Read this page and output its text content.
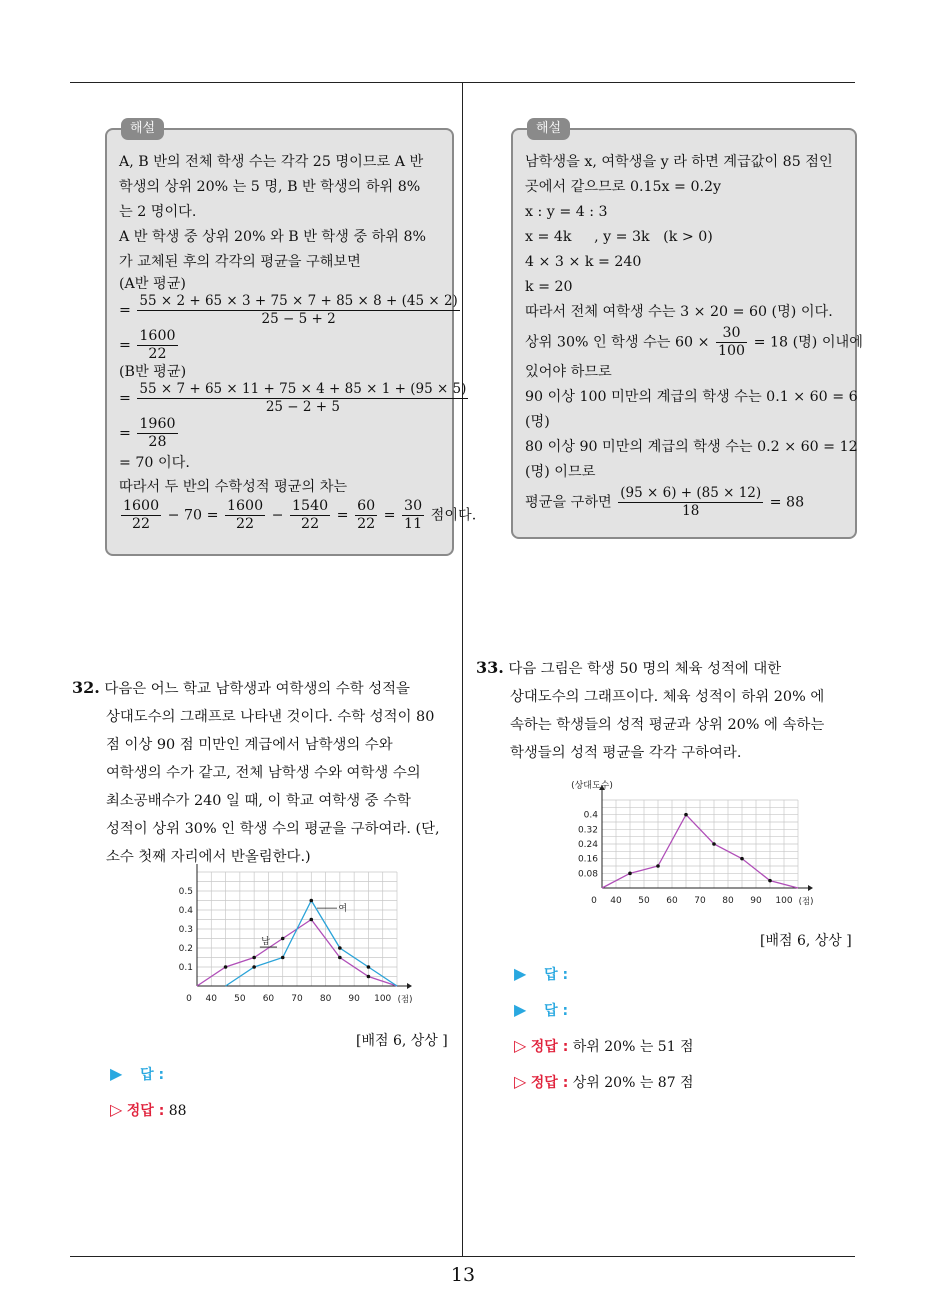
13
해설
A, B 반의 전체 학생 수는 각각 25 명이므로 A 반
학생의 상위 20% 는 5 명, B 반 학생의 하위 8%
는 2 명이다.
A 반 학생 중 상위 20% 와 B 반 학생 중 하위 8%
가 교체된 후의 각각의 평균을 구해보면
(A반 평균)
= $\frac{55 \times 2 + 65 \times 3 + 75 \times 7 + 85 \times 8 + (45 \times 2)}{25 - 5 + 2}$
= $\frac{1600}{22}$
(B반 평균)
= $\frac{55 \times 7 + 65 \times 11 + 75 \times 4 + 85 \times 1 + (95 \times 5)}{25 - 2 + 5}$
= $\frac{1960}{28}$
= 70 이다.
따라서 두 반의 수학성적 평균의 차는
$\frac{1600}{22} - 70 = \frac{1600}{22} - \frac{1540}{22} = \frac{60}{22} = \frac{30}{11}$ 점이다.
해설
남학생을 x, 여학생을 y 라 하면 계급값이 85 점인
곳에서 같으므로 0.15x = 0.2y
x : y = 4 : 3
x = 4k     , y = 3k   (k > 0)
4 × 3 × k = 240
k = 20
따라서 전체 여학생 수는 3 × 20 = 60 (명) 이다.
상위 30% 인 학생 수는 $60 \times \frac{30}{100} = 18$ (명) 이내에
있어야 하므로
90 이상 100 미만의 계급의 학생 수는 0.1 × 60 = 6
(명)
80 이상 90 미만의 계급의 학생 수는 0.2 × 60 = 12
(명) 이므로
평균을 구하면 $\frac{(95 \times 6) + (85 \times 12)}{18} = 88$
32. 다음은 어느 학교 남학생과 여학생의 수학 성적을
상대도수의 그래프로 나타낸 것이다. 수학 성적이 80
점 이상 90 점 미만인 계급에서 남학생의 수와
여학생의 수가 같고, 전체 남학생 수와 여학생 수의
최소공배수가 240 일 때, 이 학교 여학생 중 수학
성적이 상위 30% 인 학생 수의 평균을 구하여라. (단,
소수 첫째 자리에서 반올림한다.)
0.1
0.2
0.3
0.4
0.5
0 40 50 60 70 80 90 100 (점)
여
남
[배점 6, 상상 ]
▶ 답 :
▷ 정답 : 88
33. 다음 그림은 학생 50 명의 체육 성적에 대한
상대도수의 그래프이다. 체육 성적이 하위 20% 에
속하는 학생들의 성적 평균과 상위 20% 에 속하는
학생들의 성적 평균을 각각 구하여라.
0.08
0.16
0.24
0.32
0.4
0 40 50 60 70 80 90 100
(상대도수)
(점)
[배점 6, 상상 ]
▶ 답 :
▶ 답 :
▷ 정답 : 하위 20% 는 51 점
▷ 정답 : 상위 20% 는 87 점
